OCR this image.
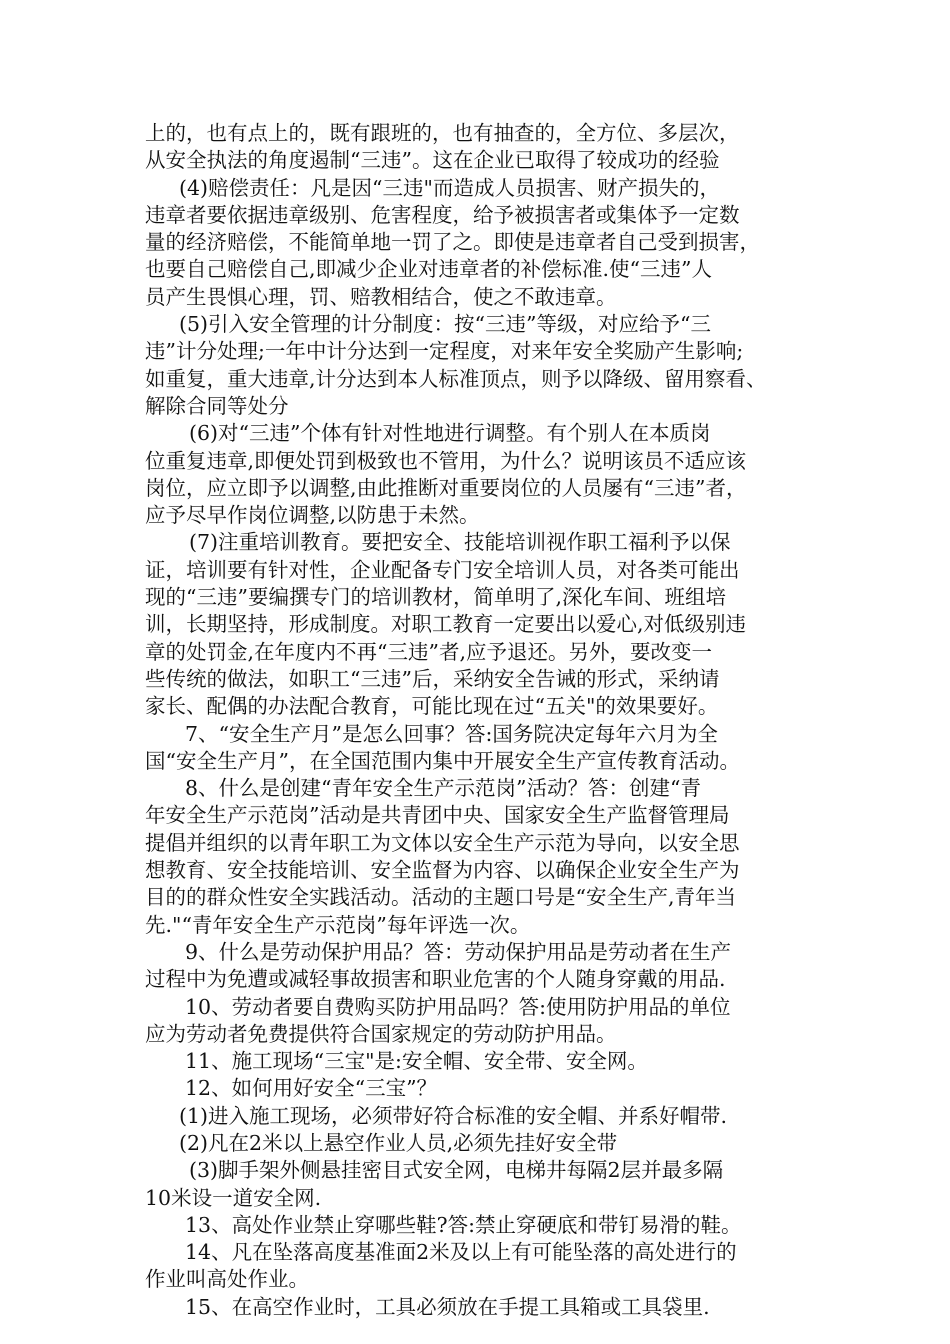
上的，也有点上的，既有跟班的，也有抽查的，全方位、多层次，
从安全执法的角度遏制“三违”。这在企业已取得了较成功的经验
(4)赔偿责任：凡是因“三违"而造成人员损害、财产损失的，
违章者要依据违章级别、危害程度，给予被损害者或集体予一定数
量的经济赔偿，不能简单地一罚了之。即使是违章者自己受到损害，
也要自己赔偿自己,即减少企业对违章者的补偿标准.使“三违”人
员产生畏惧心理，罚、赔教相结合，使之不敢违章。
(5)引入安全管理的计分制度：按“三违”等级，对应给予“三
违”计分处理;一年中计分达到一定程度，对来年安全奖励产生影响;
如重复，重大违章,计分达到本人标准顶点，则予以降级、留用察看、
解除合同等处分
(6)对“三违”个体有针对性地进行调整。有个别人在本质岗
位重复违章,即便处罚到极致也不管用，为什么？说明该员不适应该
岗位，应立即予以调整,由此推断对重要岗位的人员屡有“三违”者，
应予尽早作岗位调整,以防患于未然。
(7)注重培训教育。要把安全、技能培训视作职工福利予以保
证，培训要有针对性，企业配备专门安全培训人员，对各类可能出
现的“三违”要编撰专门的培训教材，简单明了,深化车间、班组培
训，长期坚持，形成制度。对职工教育一定要出以爱心,对低级别违
章的处罚金,在年度内不再“三违”者,应予退还。另外，要改变一
些传统的做法，如职工“三违”后，采纳安全告诫的形式，采纳请
家长、配偶的办法配合教育，可能比现在过“五关"的效果要好。
7、“安全生产月”是怎么回事？答:国务院决定每年六月为全
国“安全生产月”，在全国范围内集中开展安全生产宣传教育活动。
8、什么是创建“青年安全生产示范岗”活动？答：创建“青
年安全生产示范岗”活动是共青团中央、国家安全生产监督管理局
提倡并组织的以青年职工为文体以安全生产示范为导向，以安全思
想教育、安全技能培训、安全监督为内容、以确保企业安全生产为
目的的群众性安全实践活动。活动的主题口号是“安全生产,青年当
先."“青年安全生产示范岗”每年评选一次。
9、什么是劳动保护用品？答：劳动保护用品是劳动者在生产
过程中为免遭或减轻事故损害和职业危害的个人随身穿戴的用品.
10、劳动者要自费购买防护用品吗？答:使用防护用品的单位
应为劳动者免费提供符合国家规定的劳动防护用品。
11、施工现场“三宝"是:安全帽、安全带、安全网。
12、如何用好安全“三宝”？
(1)进入施工现场，必须带好符合标准的安全帽、并系好帽带.
(2)凡在2米以上悬空作业人员,必须先挂好安全带
(3)脚手架外侧悬挂密目式安全网，电梯井每隔2层并最多隔
10米设一道安全网.
13、高处作业禁止穿哪些鞋?答:禁止穿硬底和带钉易滑的鞋。
14、凡在坠落高度基准面2米及以上有可能坠落的高处进行的
作业叫高处作业。
15、在高空作业时，工具必须放在手提工具箱或工具袋里.
